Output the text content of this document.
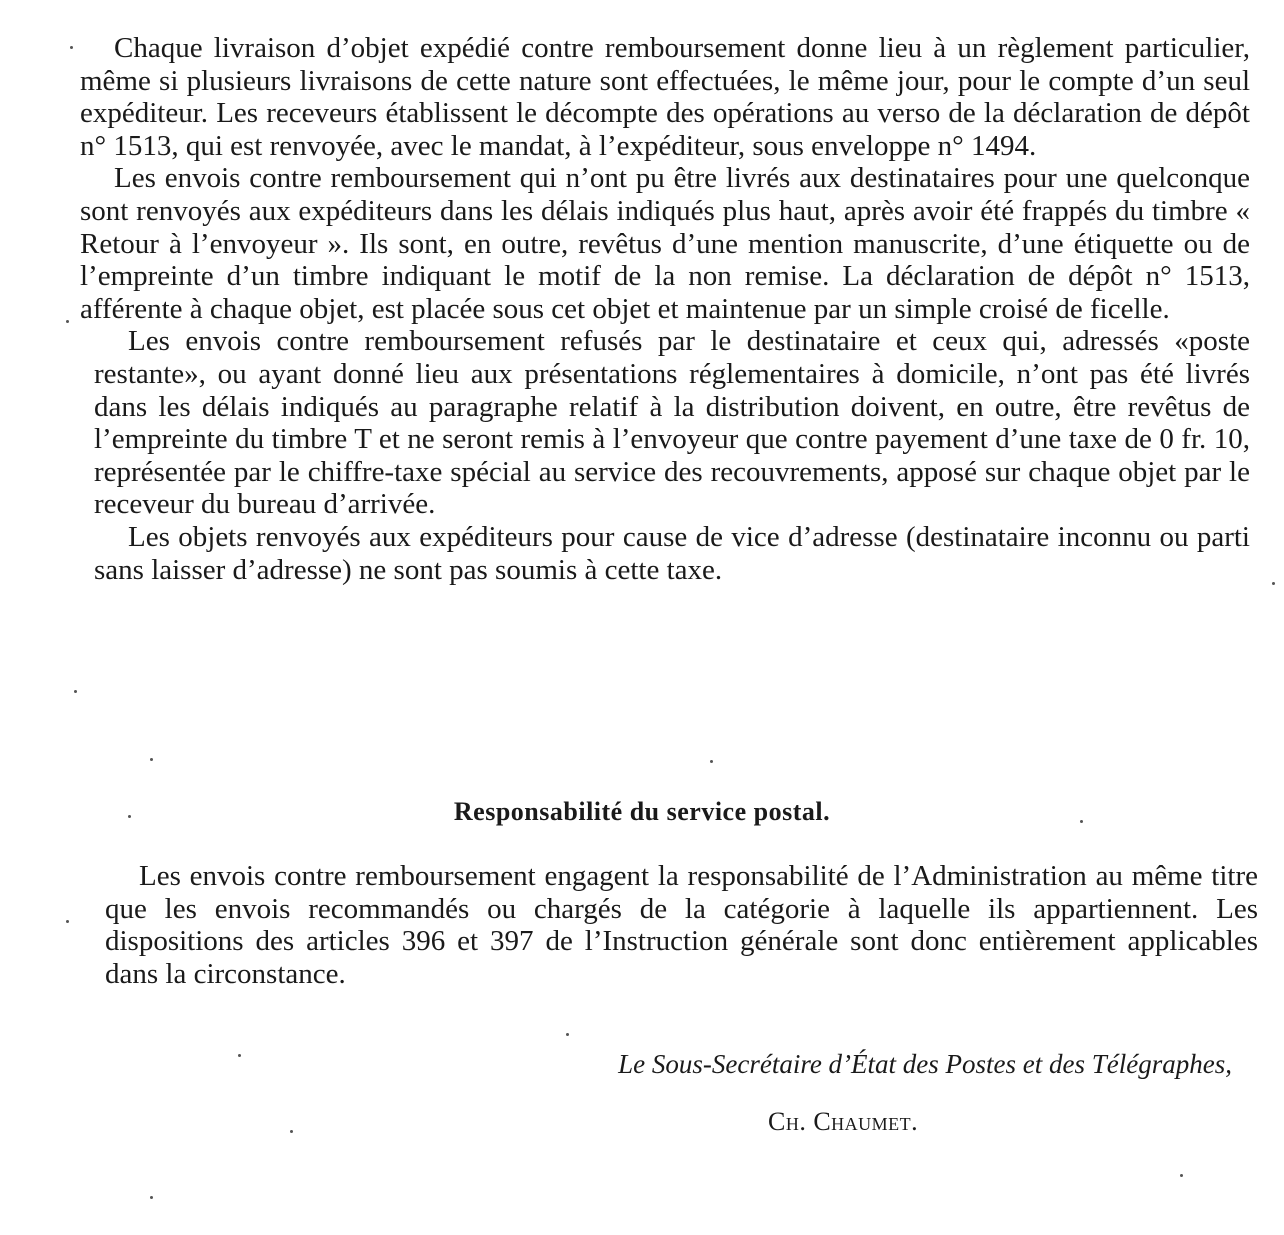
Chaque livraison d’objet expédié contre remboursement donne lieu à un règlement particulier, même si plusieurs livraisons de cette nature sont effectuées, le même jour, pour le compte d’un seul expéditeur. Les receveurs établissent le décompte des opérations au verso de la déclaration de dépôt n° 1513, qui est renvoyée, avec le mandat, à l’expéditeur, sous enveloppe n° 1494.

Les envois contre remboursement qui n’ont pu être livrés aux destinataires pour une quelconque sont renvoyés aux expéditeurs dans les délais indiqués plus haut, après avoir été frappés du timbre « Retour à l’envoyeur ». Ils sont, en outre, revêtus d’une mention manuscrite, d’une étiquette ou de l’empreinte d’un timbre indiquant le motif de la non remise. La déclaration de dépôt n° 1513, afférente à chaque objet, est placée sous cet objet et maintenue par un simple croisé de ficelle.

Les envois contre remboursement refusés par le destinataire et ceux qui, adressés «poste restante», ou ayant donné lieu aux présentations réglementaires à domicile, n’ont pas été livrés dans les délais indiqués au paragraphe relatif à la distribution doivent, en outre, être revêtus de l’empreinte du timbre T et ne seront remis à l’envoyeur que contre payement d’une taxe de 0 fr. 10, représentée par le chiffre-taxe spécial au service des recouvrements, apposé sur chaque objet par le receveur du bureau d’arrivée.

Les objets renvoyés aux expéditeurs pour cause de vice d’adresse (destinataire inconnu ou parti sans laisser d’adresse) ne sont pas soumis à cette taxe.

Responsabilité du service postal.

Les envois contre remboursement engagent la responsabilité de l’Administration au même titre que les envois recommandés ou chargés de la catégorie à laquelle ils appartiennent. Les dispositions des articles 396 et 397 de l’Instruction générale sont donc entièrement applicables dans la circonstance.

Le Sous-Secrétaire d’État des Postes et des Télégraphes,

Ch. Chaumet.
